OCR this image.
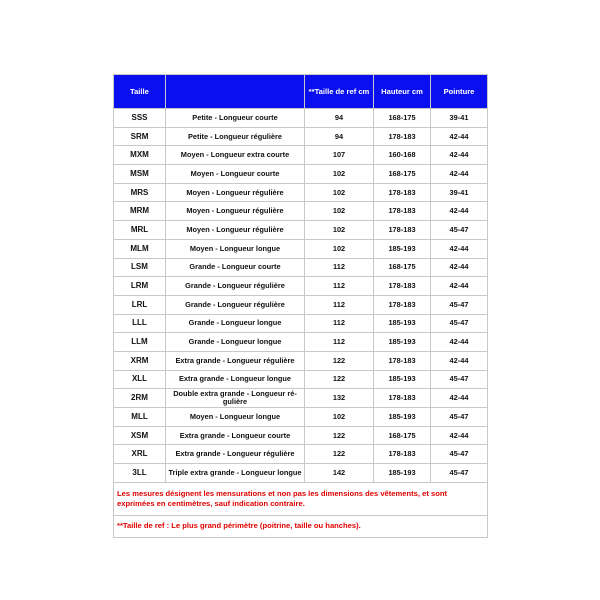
Taille		**Taille de ref cm	Hauteur cm	Pointure
SSS	Petite - Longueur courte	94	168-175	39-41
SRM	Petite - Longueur régulière	94	178-183	42-44
MXM	Moyen - Longueur extra courte	107	160-168	42-44
MSM	Moyen - Longueur courte	102	168-175	42-44
MRS	Moyen - Longueur régulière	102	178-183	39-41
MRM	Moyen - Longueur régulière	102	178-183	42-44
MRL	Moyen - Longueur régulière	102	178-183	45-47
MLM	Moyen - Longueur longue	102	185-193	42-44
LSM	Grande - Longueur courte	112	168-175	42-44
LRM	Grande - Longueur régulière	112	178-183	42-44
LRL	Grande - Longueur régulière	112	178-183	45-47
LLL	Grande - Longueur longue	112	185-193	45-47
LLM	Grande - Longueur longue	112	185-193	42-44
XRM	Extra grande - Longueur régulière	122	178-183	42-44
XLL	Extra grande - Longueur longue	122	185-193	45-47
2RM	Double extra grande - Longueur ré-gulière	132	178-183	42-44
MLL	Moyen - Longueur longue	102	185-193	45-47
XSM	Extra grande - Longueur courte	122	168-175	42-44
XRL	Extra grande - Longueur régulière	122	178-183	45-47
3LL	Triple extra grande - Longueur longue	142	185-193	45-47
Les mesures désignent les mensurations et non pas les dimensions des vêtements, et sont exprimées en centimètres, sauf indication contraire.				
**Taille de ref : Le plus grand périmètre (poitrine, taille ou hanches).				
